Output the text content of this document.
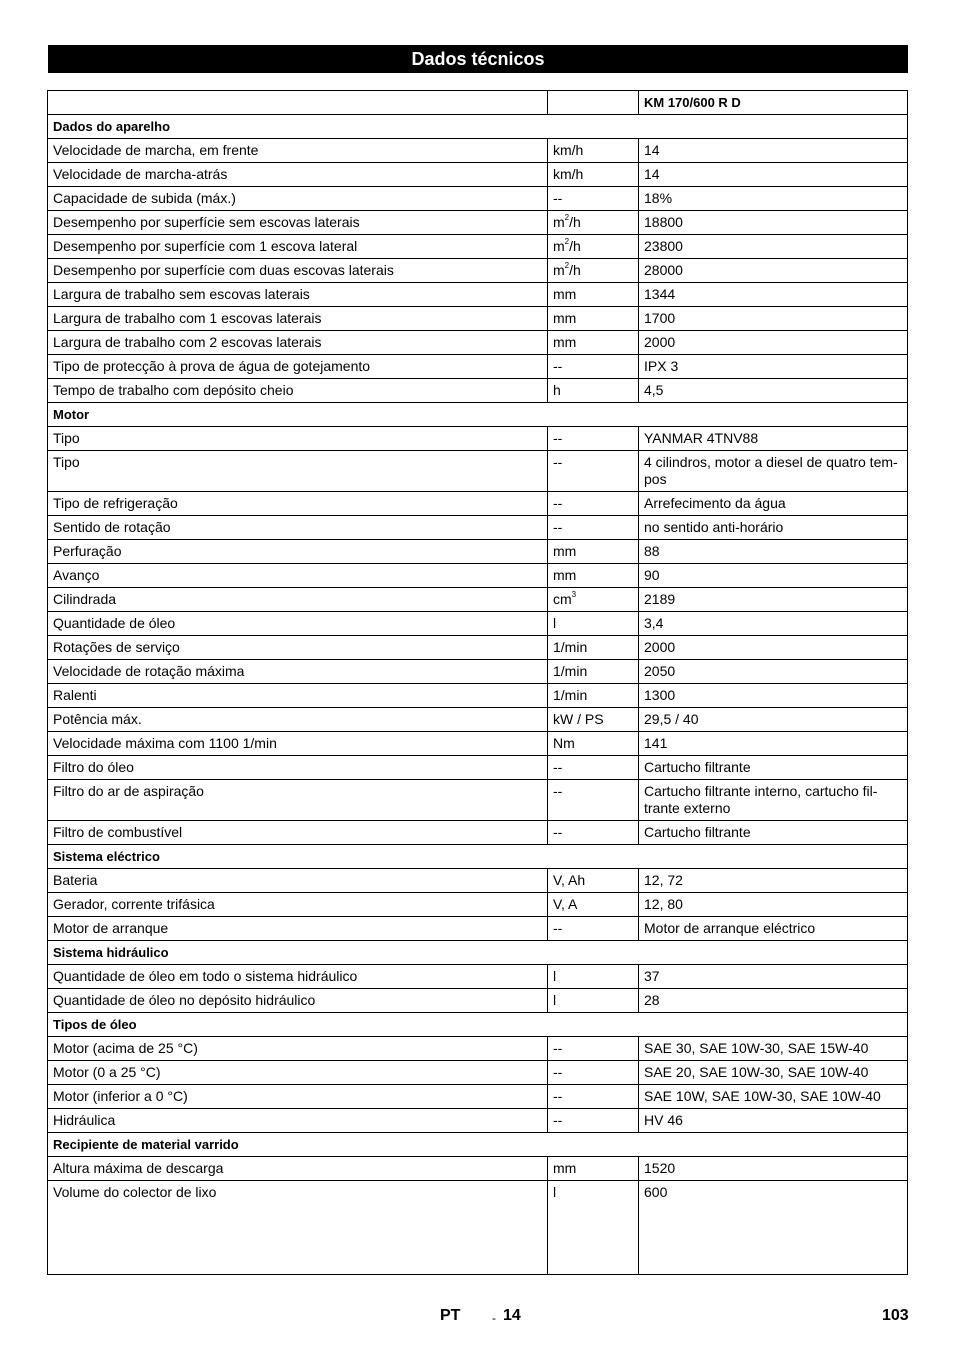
Dados técnicos
		KM 170/600 R D
Dados do aparelho		
Velocidade de marcha, em frente	km/h	14
Velocidade de marcha-atrás	km/h	14
Capacidade de subida (máx.)	--	18%
Desempenho por superfície sem escovas laterais	$m^2/h$	18800
Desempenho por superfície com 1 escova lateral	$m^2/h$	23800
Desempenho por superfície com duas escovas laterais	$m^2/h$	28000
Largura de trabalho sem escovas laterais	mm	1344
Largura de trabalho com 1 escovas laterais	mm	1700
Largura de trabalho com 2 escovas laterais	mm	2000
Tipo de protecção à prova de água de gotejamento	--	IPX 3
Tempo de trabalho com depósito cheio	h	4,5
Motor		
Tipo	--	YANMAR 4TNV88
Tipo	--	4 cilindros, motor a diesel de quatro tem-pos
Tipo de refrigeração	--	Arrefecimento da água
Sentido de rotação	--	no sentido anti-horário
Perfuração	mm	88
Avanço	mm	90
Cilindrada	$cm^3$	2189
Quantidade de óleo	l	3,4
Rotações de serviço	1/min	2000
Velocidade de rotação máxima	1/min	2050
Ralenti	1/min	1300
Potência máx.	kW / PS	29,5 / 40
Velocidade máxima com 1100 1/min	Nm	141
Filtro do óleo	--	Cartucho filtrante
Filtro do ar de aspiração	--	Cartucho filtrante interno, cartucho fil-trante externo
Filtro de combustível	--	Cartucho filtrante
Sistema eléctrico		
Bateria	V, Ah	12, 72
Gerador, corrente trifásica	V, A	12, 80
Motor de arranque	--	Motor de arranque eléctrico
Sistema hidráulico		
Quantidade de óleo em todo o sistema hidráulico	l	37
Quantidade de óleo no depósito hidráulico	l	28
Tipos de óleo		
Motor (acima de 25 °C)	--	SAE 30, SAE 10W-30, SAE 15W-40
Motor (0 a 25 °C)	--	SAE 20, SAE 10W-30, SAE 10W-40
Motor (inferior a 0 °C)	--	SAE 10W, SAE 10W-30, SAE 10W-40
Hidráulica	--	HV 46
Recipiente de material varrido		
Altura máxima de descarga	mm	1520
Volume do colector de lixo	l	600
PT	- 14	103
